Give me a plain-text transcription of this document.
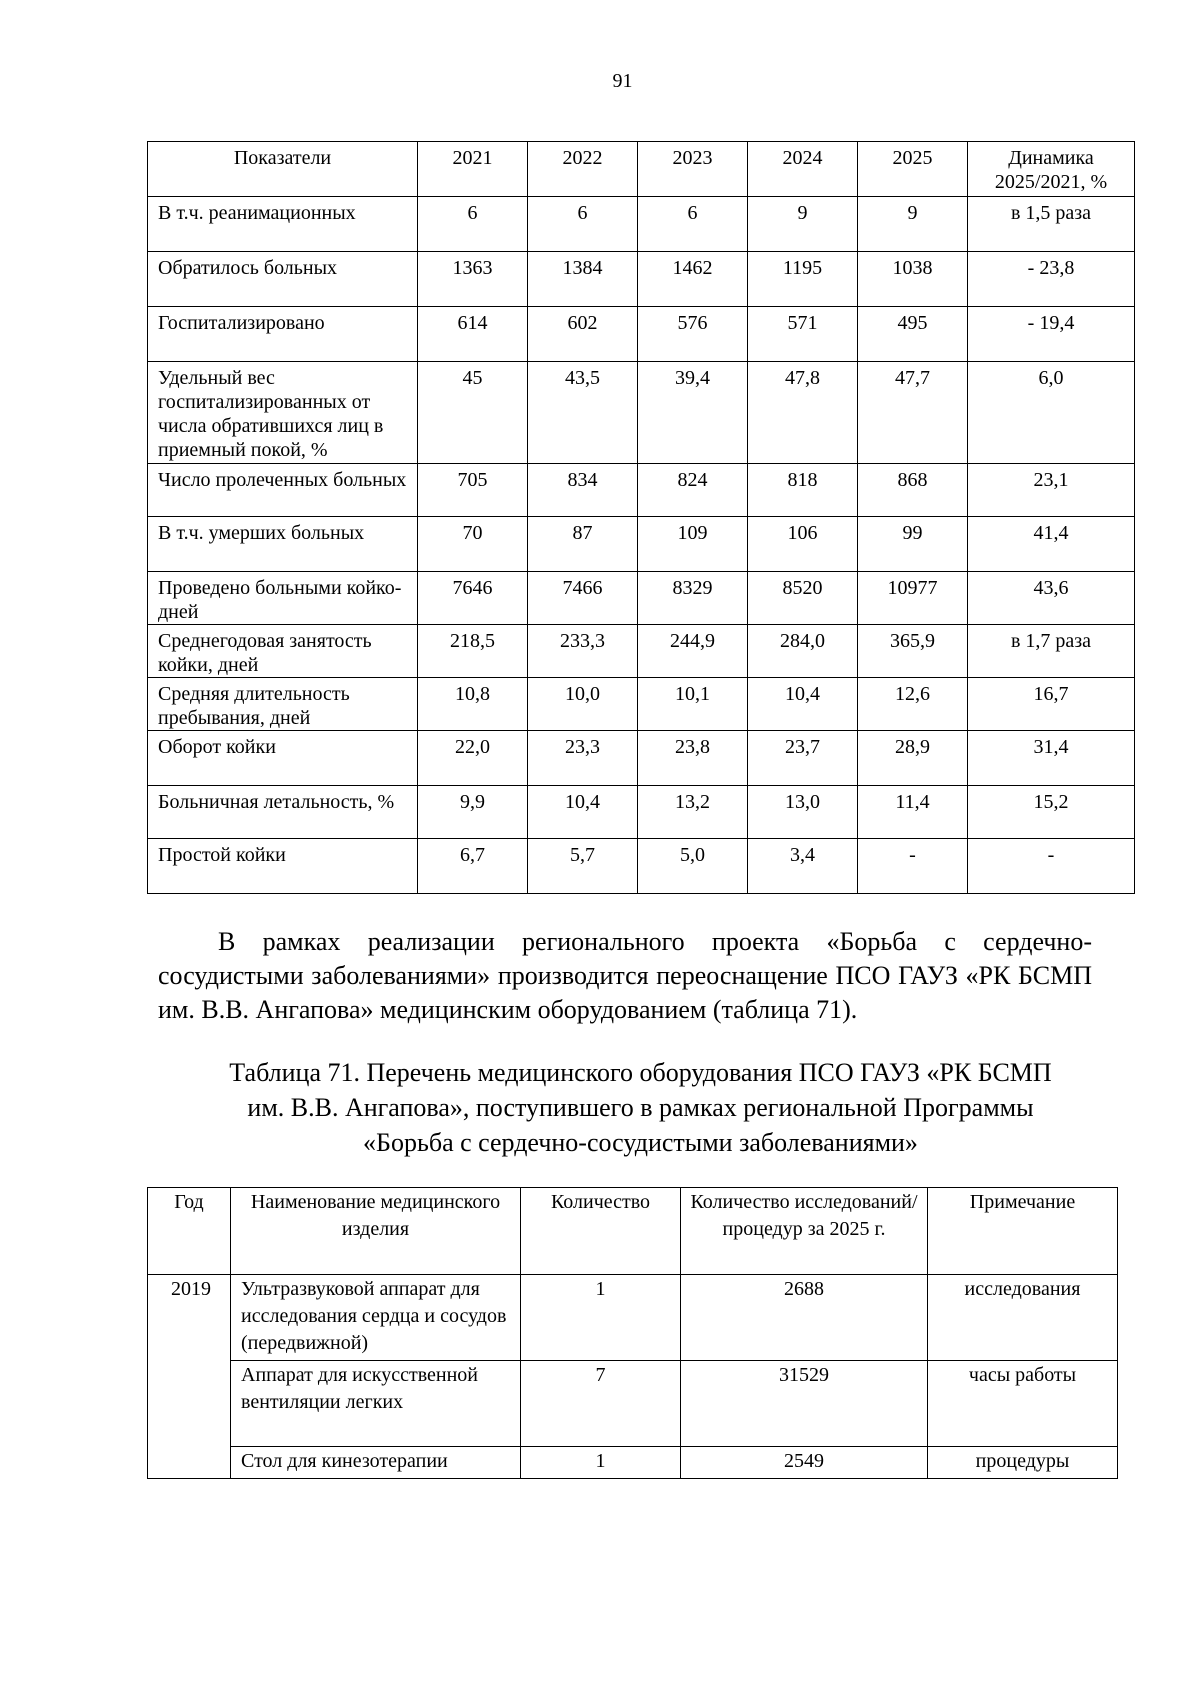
91
Показатели	2021	2022	2023	2024	2025	Динамика 2025/2021, %
В т.ч. реанимационных	6	6	6	9	9	в 1,5 раза
Обратилось больных	1363	1384	1462	1195	1038	- 23,8
Госпитализировано	614	602	576	571	495	- 19,4
Удельный вес госпитализированных от числа обратившихся лиц в приемный покой, %	45	43,5	39,4	47,8	47,7	6,0
Число пролеченных больных	705	834	824	818	868	23,1
В т.ч. умерших больных	70	87	109	106	99	41,4
Проведено больными койко-дней	7646	7466	8329	8520	10977	43,6
Среднегодовая занятость койки, дней	218,5	233,3	244,9	284,0	365,9	в 1,7 раза
Средняя длительность пребывания, дней	10,8	10,0	10,1	10,4	12,6	16,7
Оборот койки	22,0	23,3	23,8	23,7	28,9	31,4
Больничная летальность, %	9,9	10,4	13,2	13,0	11,4	15,2
Простой койки	6,7	5,7	5,0	3,4	-	-
В рамках реализации регионального проекта «Борьба с сердечно-сосудистыми заболеваниями» производится переоснащение ПСО ГАУЗ «РК БСМП им. В.В. Ангапова» медицинским оборудованием (таблица 71).
Таблица 71. Перечень медицинского оборудования ПСО ГАУЗ «РК БСМП
им. В.В. Ангапова», поступившего в рамках региональной Программы
«Борьба с сердечно-сосудистыми заболеваниями»
Год	Наименование медицинского изделия	Количество	Количество исследований/ процедур за 2025 г.	Примечание
2019	Ультразвуковой аппарат для исследования сердца и сосудов (передвижной)	1	2688	исследования
	Аппарат для искусственной вентиляции легких	7	31529	часы работы
	Стол для кинезотерапии	1	2549	процедуры
